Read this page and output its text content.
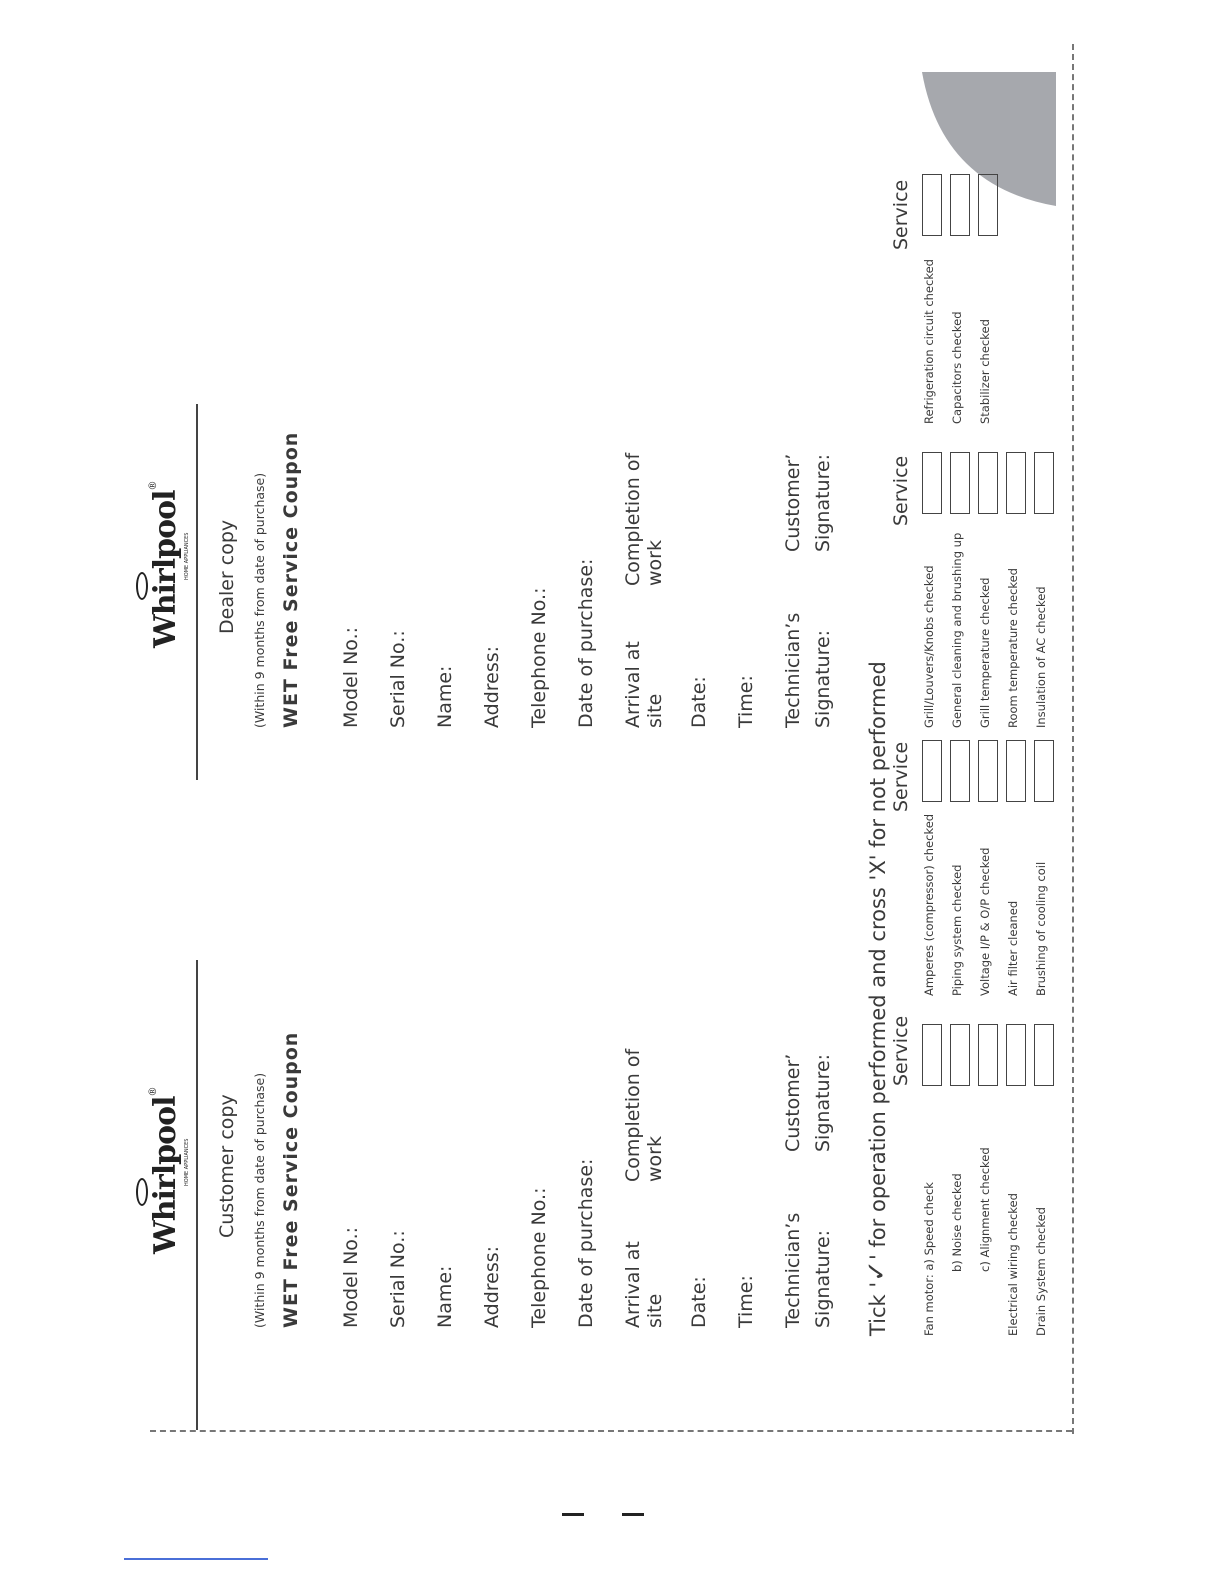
Whirlpool®
HOME APPLIANCES Customer copy (Within 9 months from date of purchase) WET Free Service Coupon Model No.: Serial No.: Name: Address: Telephone No.: Date of purchase: Arrival at site
Completion of work
Date: Time: Technician’s Signature:
Customer’ Signature:
Whirlpool®
HOME APPLIANCES Dealer copy (Within 9 months from date of purchase) WET Free Service Coupon Model No.: Serial No.: Name: Address: Telephone No.: Date of purchase: Arrival at site
Completion of work
Date: Time: Technician’s Signature:
Customer’ Signature:
Tick '✓' for operation performed and cross 'X' for not performed Service
Service
Service
Service
Fan motor: a) Speed check b) Noise checked c) Alignment checked Electrical wiring checked Drain System checked
Amperes (compressor) checked Piping system checked Voltage I/P & O/P checked Air filter cleaned Brushing of cooling coil
Grill/Louvers/Knobs checked General cleaning and brushing up Grill temperature checked Room temperature checked Insulation of AC checked
Refrigeration circuit checked Capacitors checked Stabilizer checked
